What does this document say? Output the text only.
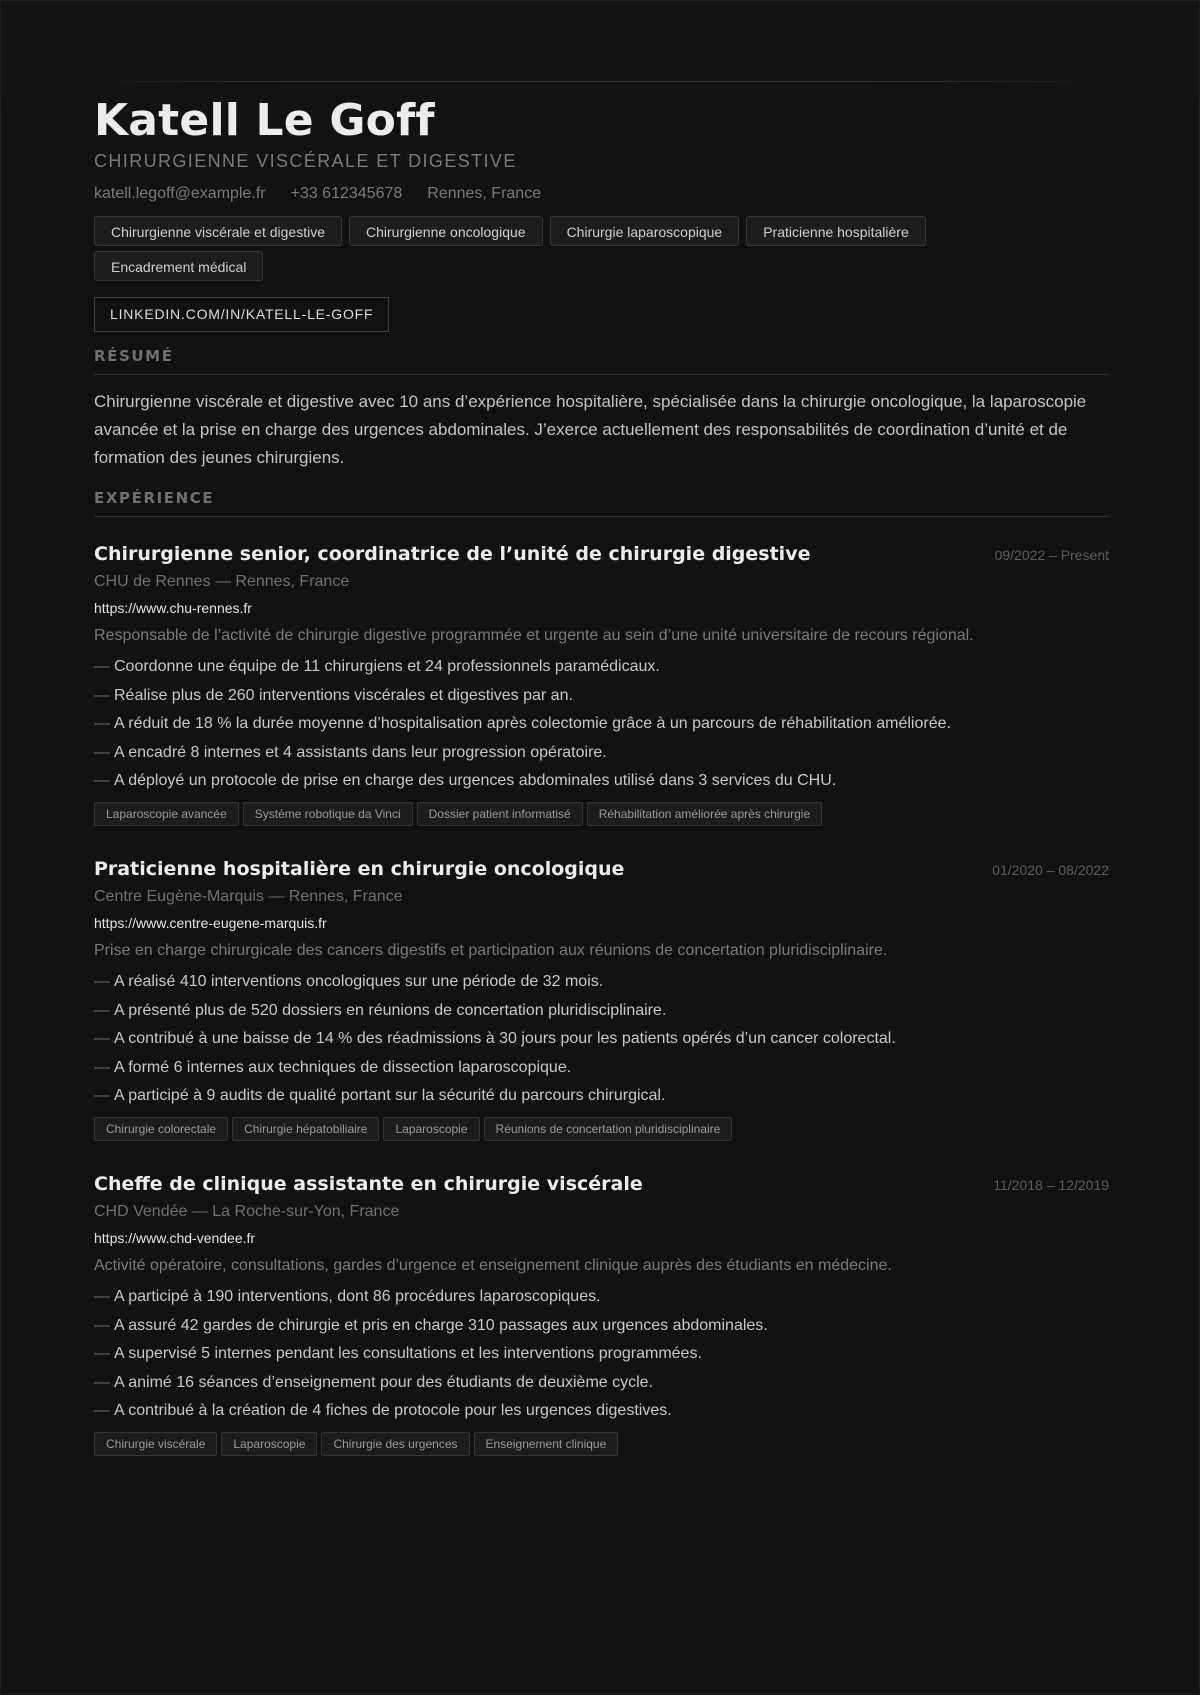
Katell Le Goff
CHIRURGIENNE VISCÉRALE ET DIGESTIVE
katell.legoff@example.fr +33 612345678 Rennes, France
Chirurgienne viscérale et digestive	Chirurgienne oncologique	Chirurgie laparoscopique	Praticienne hospitalière
Encadrement médical
LINKEDIN.COM/IN/KATELL-LE-GOFF
RÉSUMÉ

Chirurgienne viscérale et digestive avec 10 ans d’expérience hospitalière, spécialisée dans la chirurgie oncologique, la laparoscopie avancée et la prise en charge des urgences abdominales. J’exerce actuellement des responsabilités de coordination d’unité et de formation des jeunes chirurgiens.

EXPÉRIENCE
Chirurgienne senior, coordinatrice de l’unité de chirurgie digestive	09/2022 – Present
CHU de Rennes — Rennes, France
https://www.chu-rennes.fr
Responsable de l’activité de chirurgie digestive programmée et urgente au sein d’une unité universitaire de recours régional.
— Coordonne une équipe de 11 chirurgiens et 24 professionnels paramédicaux.
— Réalise plus de 260 interventions viscérales et digestives par an.
— A réduit de 18 % la durée moyenne d’hospitalisation après colectomie grâce à un parcours de réhabilitation améliorée.
— A encadré 8 internes et 4 assistants dans leur progression opératoire.
— A déployé un protocole de prise en charge des urgences abdominales utilisé dans 3 services du CHU.
Laparoscopie avancée	Système robotique da Vinci	Dossier patient informatisé	Réhabilitation améliorée après chirurgie
Praticienne hospitalière en chirurgie oncologique	01/2020 – 08/2022
Centre Eugène-Marquis — Rennes, France
https://www.centre-eugene-marquis.fr
Prise en charge chirurgicale des cancers digestifs et participation aux réunions de concertation pluridisciplinaire.
— A réalisé 410 interventions oncologiques sur une période de 32 mois.
— A présenté plus de 520 dossiers en réunions de concertation pluridisciplinaire.
— A contribué à une baisse de 14 % des réadmissions à 30 jours pour les patients opérés d’un cancer colorectal.
— A formé 6 internes aux techniques de dissection laparoscopique.
— A participé à 9 audits de qualité portant sur la sécurité du parcours chirurgical.
Chirurgie colorectale	Chirurgie hépatobiliaire	Laparoscopie	Réunions de concertation pluridisciplinaire
Cheffe de clinique assistante en chirurgie viscérale	11/2018 – 12/2019
CHD Vendée — La Roche-sur-Yon, France
https://www.chd-vendee.fr
Activité opératoire, consultations, gardes d’urgence et enseignement clinique auprès des étudiants en médecine.
— A participé à 190 interventions, dont 86 procédures laparoscopiques.
— A assuré 42 gardes de chirurgie et pris en charge 310 passages aux urgences abdominales.
— A supervisé 5 internes pendant les consultations et les interventions programmées.
— A animé 16 séances d’enseignement pour des étudiants de deuxième cycle.
— A contribué à la création de 4 fiches de protocole pour les urgences digestives.
Chirurgie viscérale	Laparoscopie	Chirurgie des urgences	Enseignement clinique
